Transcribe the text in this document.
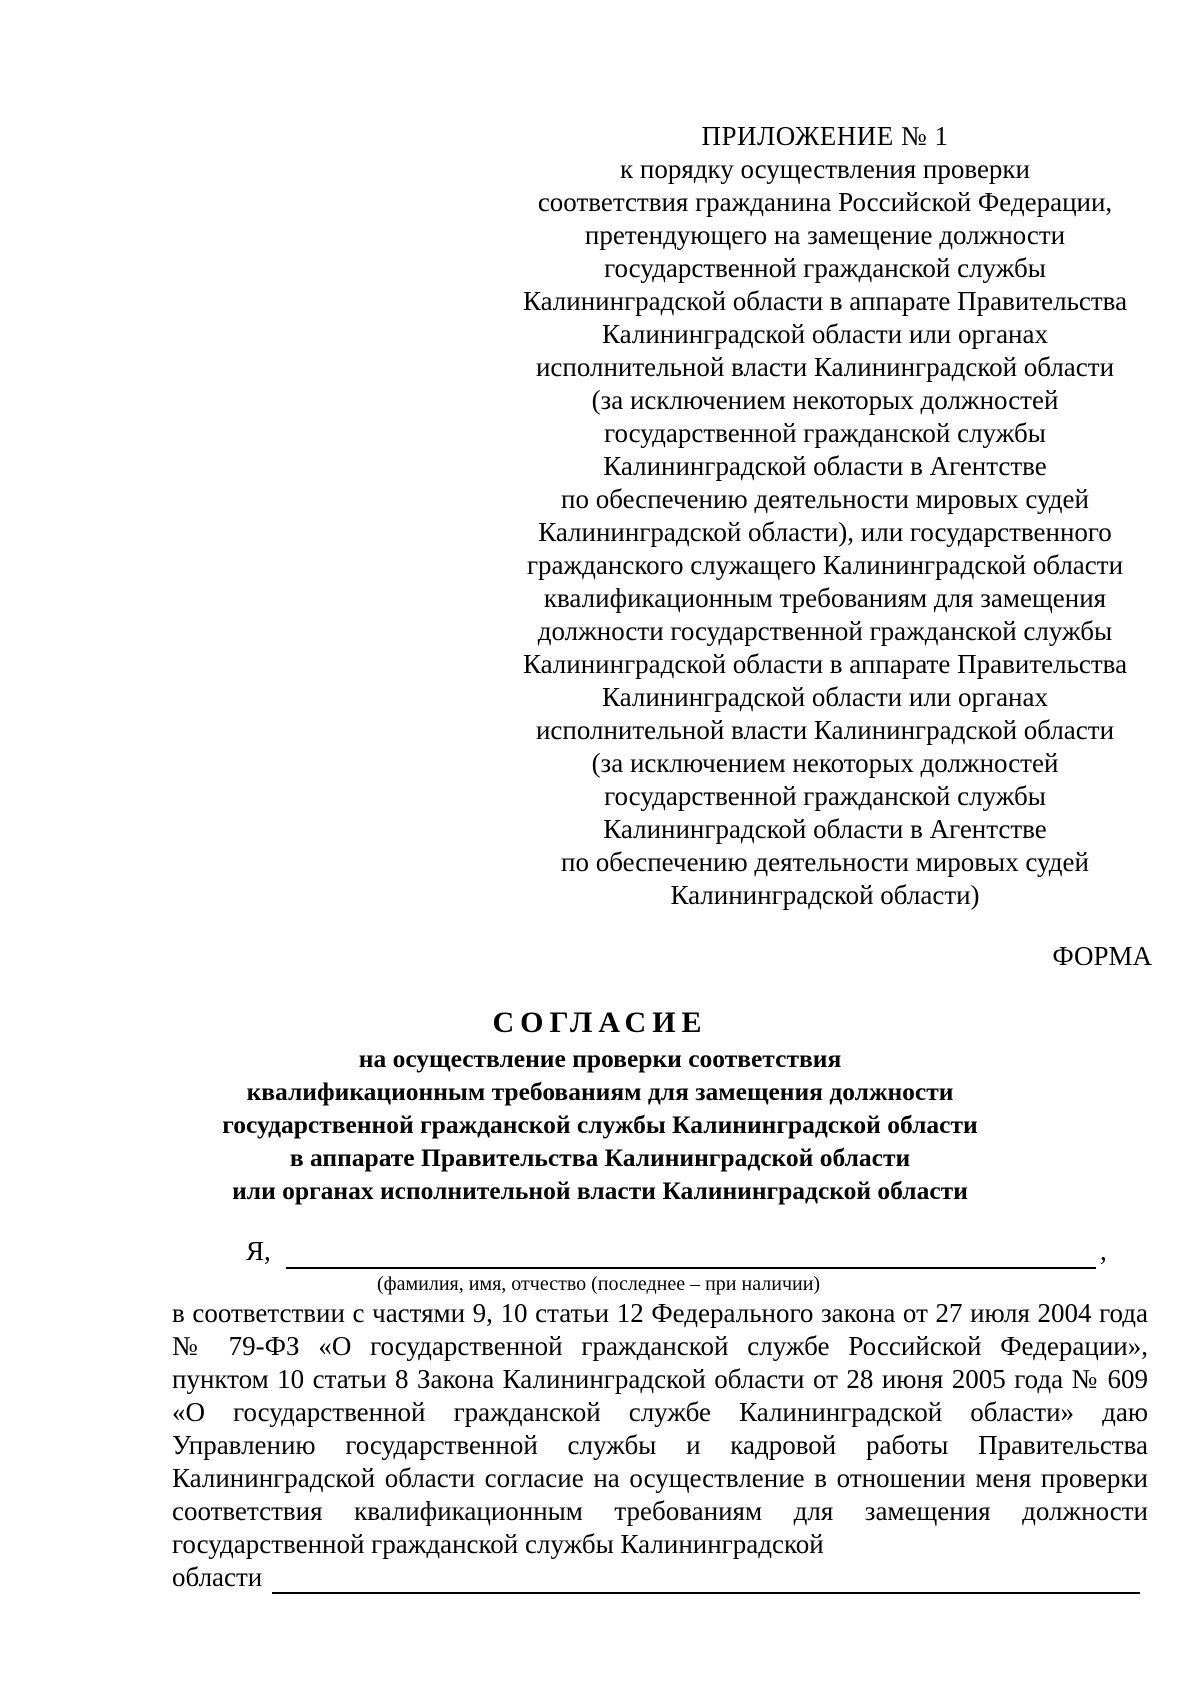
ПРИЛОЖЕНИЕ № 1
к порядку осуществления проверки
соответствия гражданина Российской Федерации,
претендующего на замещение должности
государственной гражданской службы
Калининградской области в аппарате Правительства
Калининградской области или органах
исполнительной власти Калининградской области
(за исключением некоторых должностей
государственной гражданской службы
Калининградской области в Агентстве
по обеспечению деятельности мировых судей
Калининградской области), или государственного
гражданского служащего Калининградской области
квалификационным требованиям для замещения
должности государственной гражданской службы
Калининградской области в аппарате Правительства
Калининградской области или органах
исполнительной власти Калининградской области
(за исключением некоторых должностей
государственной гражданской службы
Калининградской области в Агентстве
по обеспечению деятельности мировых судей
Калининградской области)
ФОРМА
СОГЛАСИЕ
на осуществление проверки соответствия
квалификационным требованиям для замещения должности
государственной гражданской службы Калининградской области
в аппарате Правительства Калининградской области
или органах исполнительной власти Калининградской области
Я,	,
(фамилия, имя, отчество (последнее – при наличии)
в соответствии с частями 9, 10 статьи 12 Федерального закона от 27 июля 2004 года № 79-ФЗ «О государственной гражданской службе Российской Федерации», пунктом 10 статьи 8 Закона Калининградской области от 28 июня 2005 года № 609 «О государственной гражданской службе Калининградской области» даю Управлению государственной службы и кадровой работы Правительства Калининградской области согласие на осуществление в отношении меня проверки соответствия квалификационным требованиям для замещения должности государственной гражданской службы Калининградской
области
